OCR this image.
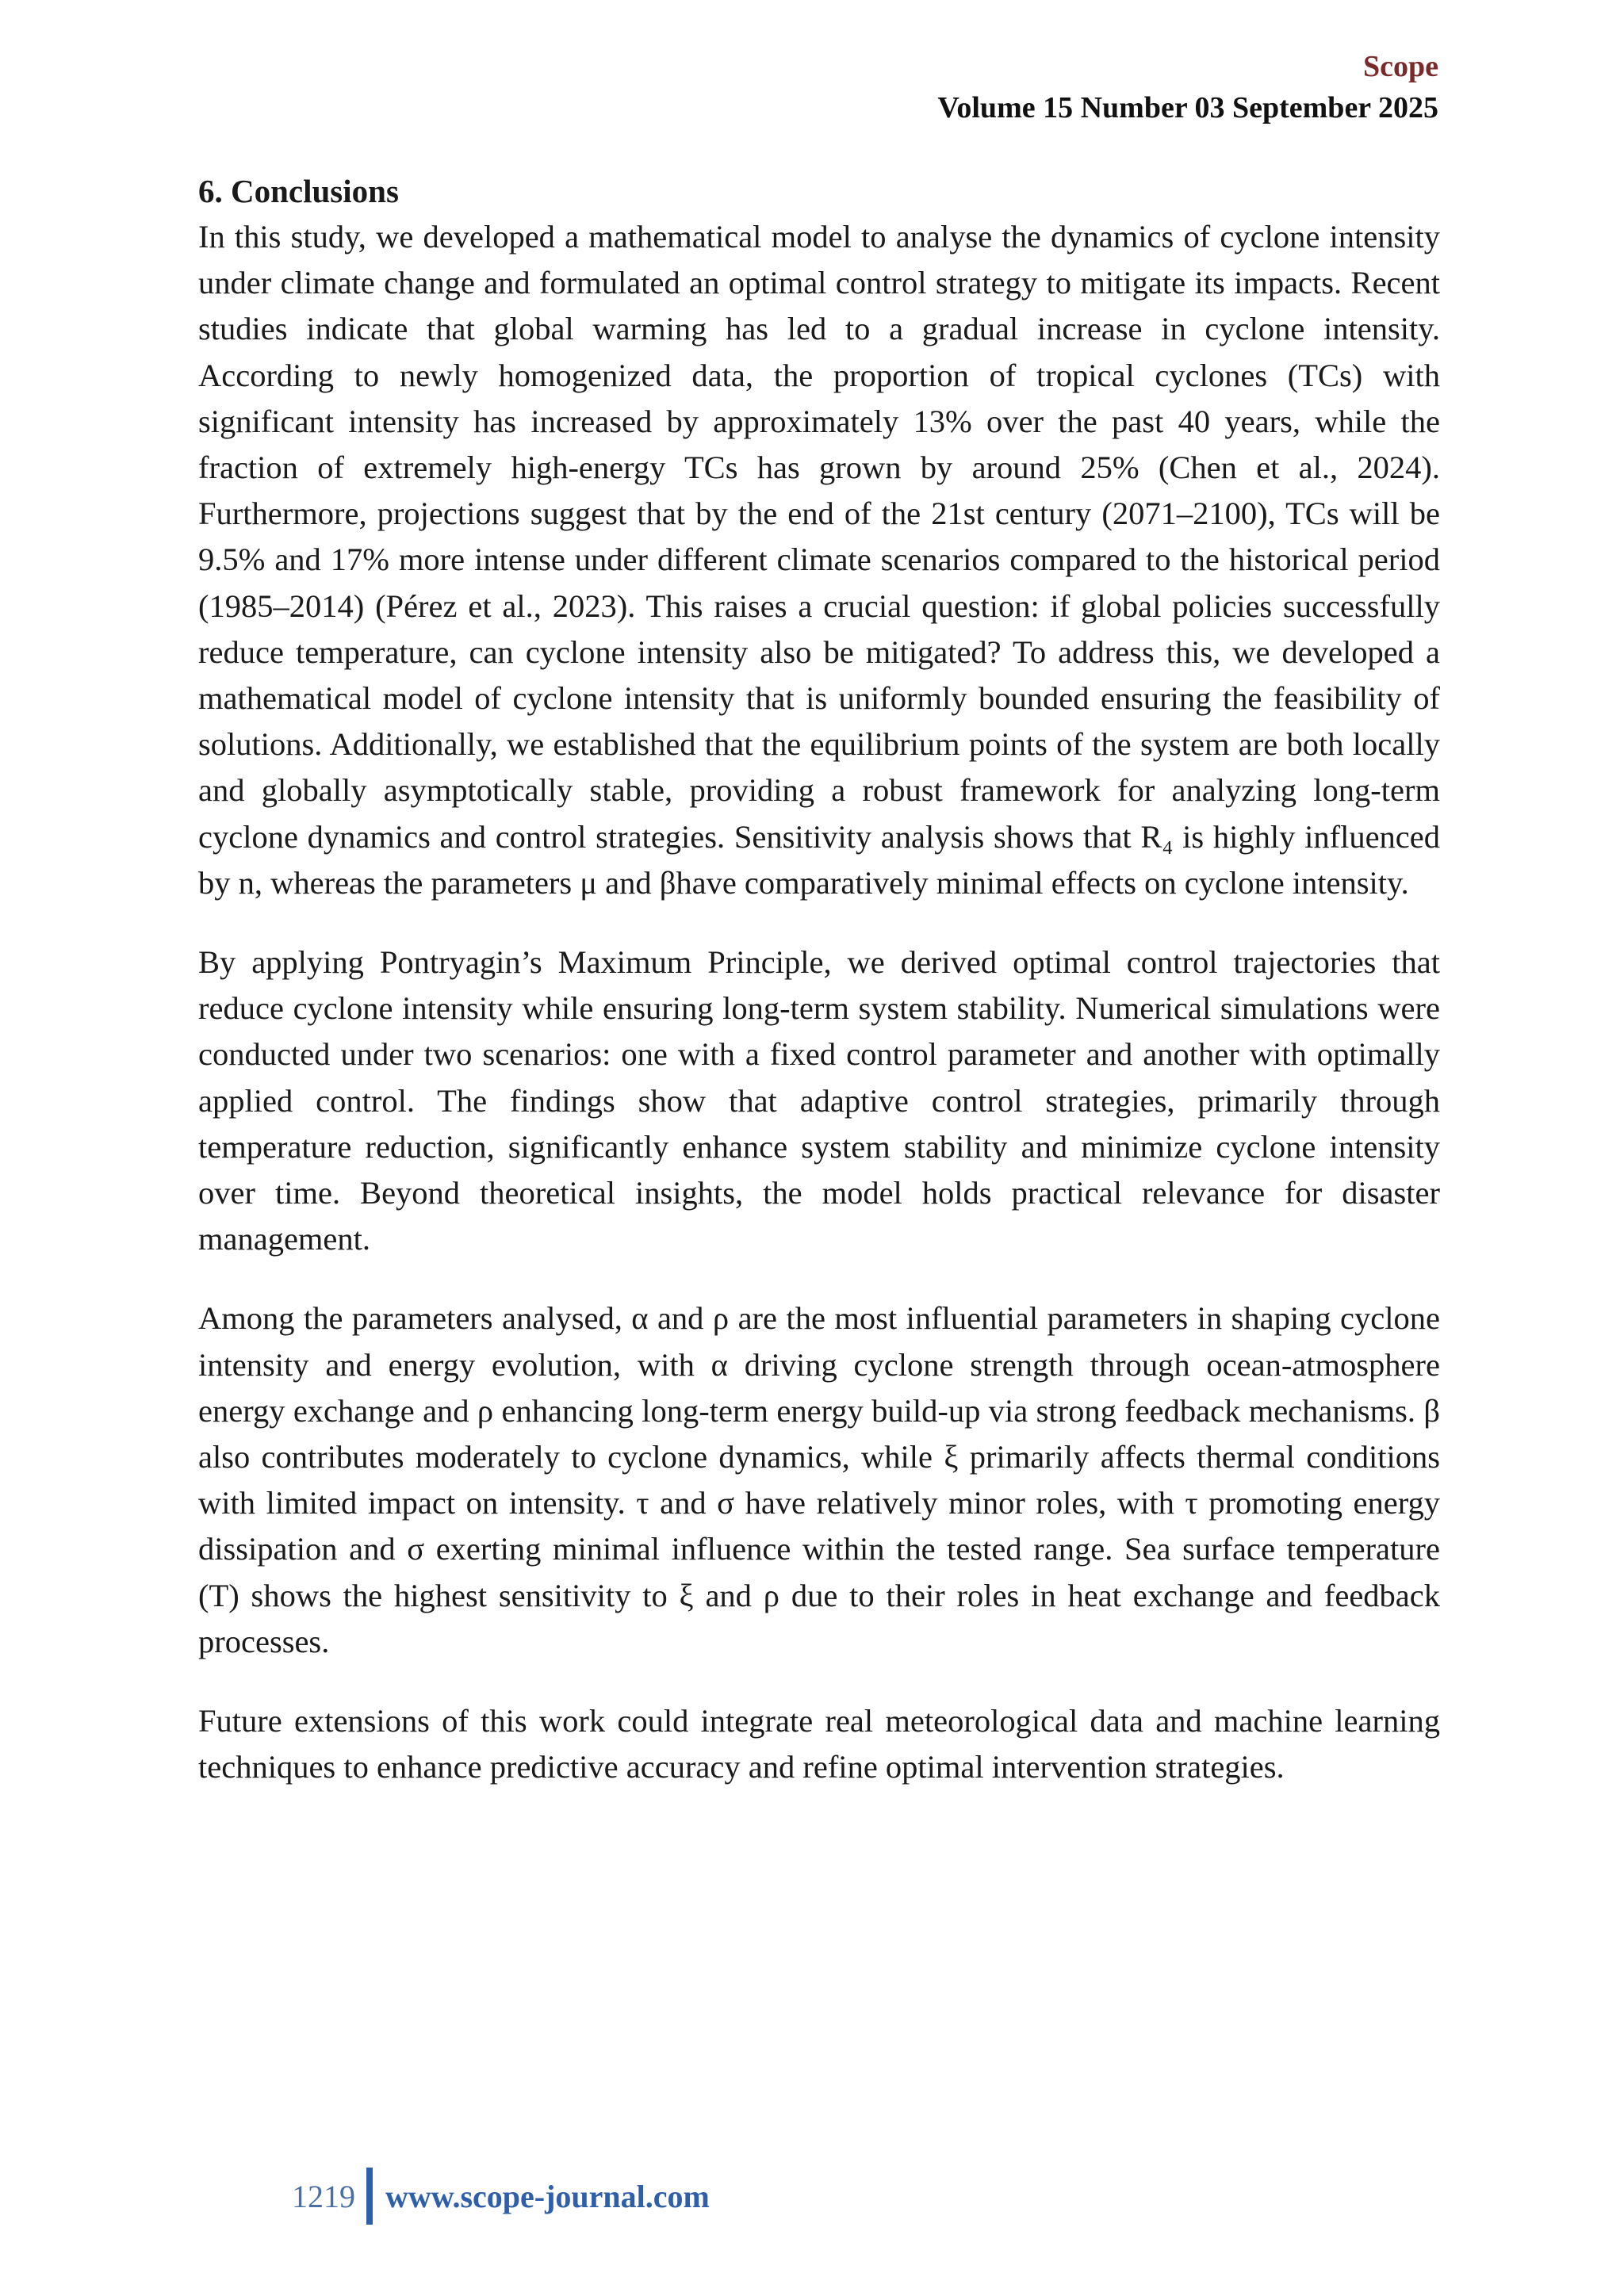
Scope
Volume 15 Number 03 September 2025
6. Conclusions

In this study, we developed a mathematical model to analyse the dynamics of cyclone intensity under climate change and formulated an optimal control strategy to mitigate its impacts. Recent studies indicate that global warming has led to a gradual increase in cyclone intensity. According to newly homogenized data, the proportion of tropical cyclones (TCs) with significant intensity has increased by approximately 13% over the past 40 years, while the fraction of extremely high-energy TCs has grown by around 25% (Chen et al., 2024). Furthermore, projections suggest that by the end of the 21st century (2071–2100), TCs will be 9.5% and 17% more intense under different climate scenarios compared to the historical period (1985–2014) (Pérez et al., 2023). This raises a crucial question: if global policies successfully reduce temperature, can cyclone intensity also be mitigated? To address this, we developed a mathematical model of cyclone intensity that is uniformly bounded ensuring the feasibility of solutions. Additionally, we established that the equilibrium points of the system are both locally and globally asymptotically stable, providing a robust framework for analyzing long-term cyclone dynamics and control strategies. Sensitivity analysis shows that R₄ is highly influenced by n, whereas the parameters μ and βhave comparatively minimal effects on cyclone intensity.

By applying Pontryagin’s Maximum Principle, we derived optimal control trajectories that reduce cyclone intensity while ensuring long-term system stability. Numerical simulations were conducted under two scenarios: one with a fixed control parameter and another with optimally applied control. The findings show that adaptive control strategies, primarily through temperature reduction, significantly enhance system stability and minimize cyclone intensity over time. Beyond theoretical insights, the model holds practical relevance for disaster management.

Among the parameters analysed, α and ρ are the most influential parameters in shaping cyclone intensity and energy evolution, with α driving cyclone strength through ocean-atmosphere energy exchange and ρ enhancing long-term energy build-up via strong feedback mechanisms. β also contributes moderately to cyclone dynamics, while ξ primarily affects thermal conditions with limited impact on intensity. τ and σ have relatively minor roles, with τ promoting energy dissipation and σ exerting minimal influence within the tested range. Sea surface temperature (T) shows the highest sensitivity to ξ and ρ due to their roles in heat exchange and feedback processes.

Future extensions of this work could integrate real meteorological data and machine learning techniques to enhance predictive accuracy and refine optimal intervention strategies.

1219 www.scope-journal.com
